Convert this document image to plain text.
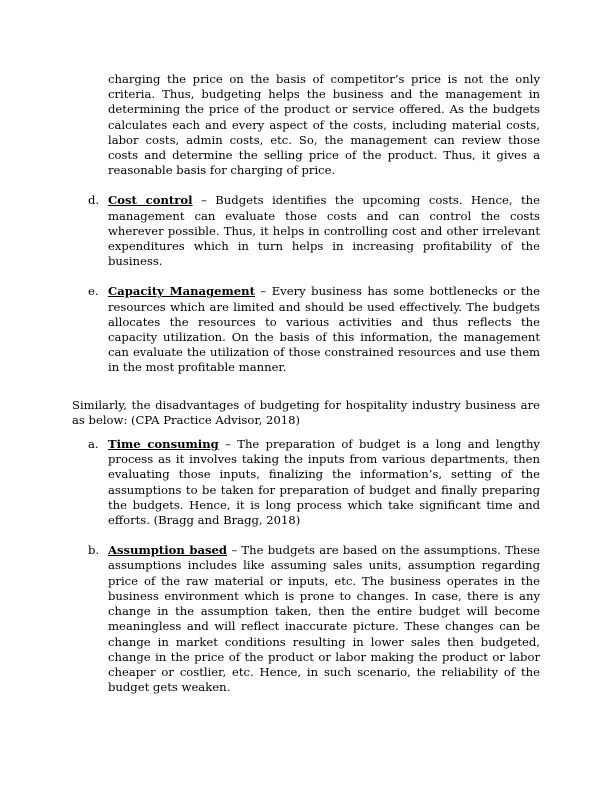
charging the price on the basis of competitor’s price is not the only criteria. Thus, budgeting helps the business and the management in determining the price of the product or service offered. As the budgets calculates each and every aspect of the costs, including material costs, labor costs, admin costs, etc. So, the management can review those costs and determine the selling price of the product. Thus, it gives a reasonable basis for charging of price.

d. Cost control – Budgets identifies the upcoming costs. Hence, the management can evaluate those costs and can control the costs wherever possible. Thus, it helps in controlling cost and other irrelevant expenditures which in turn helps in increasing profitability of the business.

e. Capacity Management – Every business has some bottlenecks or the resources which are limited and should be used effectively. The budgets allocates the resources to various activities and thus reflects the capacity utilization. On the basis of this information, the management can evaluate the utilization of those constrained resources and use them in the most profitable manner.

Similarly, the disadvantages of budgeting for hospitality industry business are as below: (CPA Practice Advisor, 2018)

a. Time consuming – The preparation of budget is a long and lengthy process as it involves taking the inputs from various departments, then evaluating those inputs, finalizing the information’s, setting of the assumptions to be taken for preparation of budget and finally preparing the budgets. Hence, it is long process which take significant time and efforts. (Bragg and Bragg, 2018)

b. Assumption based – The budgets are based on the assumptions. These assumptions includes like assuming sales units, assumption regarding price of the raw material or inputs, etc. The business operates in the business environment which is prone to changes. In case, there is any change in the assumption taken, then the entire budget will become meaningless and will reflect inaccurate picture. These changes can be change in market conditions resulting in lower sales then budgeted, change in the price of the product or labor making the product or labor cheaper or costlier, etc. Hence, in such scenario, the reliability of the budget gets weaken.
